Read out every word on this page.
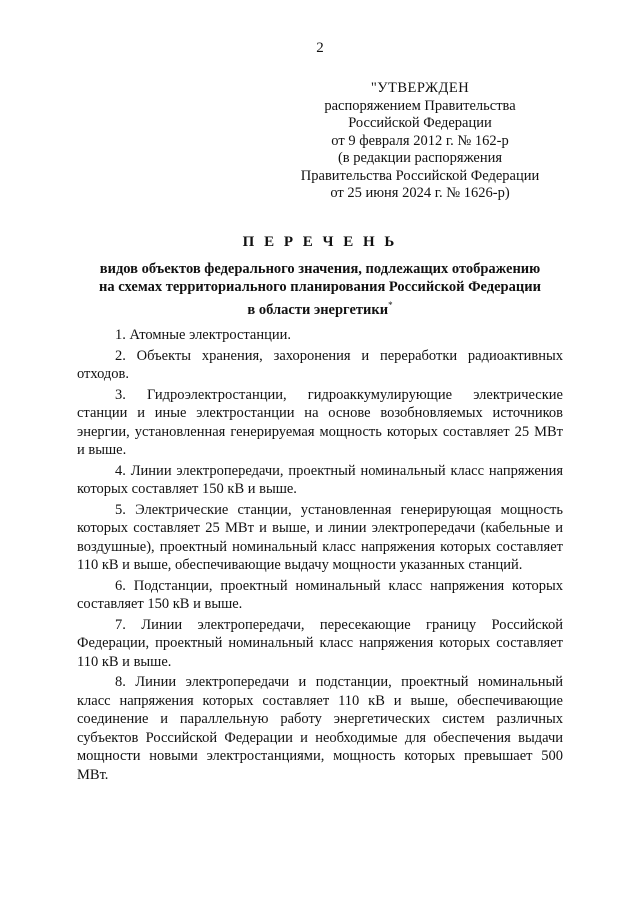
2
"УТВЕРЖДЕН
распоряжением Правительства
Российской Федерации
от 9 февраля 2012 г. № 162-р
(в редакции распоряжения
Правительства Российской Федерации
от 25 июня 2024 г. № 1626-р)
П Е Р Е Ч Е Н Ь
видов объектов федерального значения, подлежащих отображению
на схемах территориального планирования Российской Федерации
в области энергетики*

1. Атомные электростанции.

2. Объекты хранения, захоронения и переработки радиоактивных отходов.

3. Гидроэлектростанции, гидроаккумулирующие электрические станции и иные электростанции на основе возобновляемых источников энергии, установленная генерируемая мощность которых составляет 25 МВт и выше.

4. Линии электропередачи, проектный номинальный класс напряжения которых составляет 150 кВ и выше.

5. Электрические станции, установленная генерирующая мощность которых составляет 25 МВт и выше, и линии электропередачи (кабельные и воздушные), проектный номинальный класс напряжения которых составляет 110 кВ и выше, обеспечивающие выдачу мощности указанных станций.

6. Подстанции, проектный номинальный класс напряжения которых составляет 150 кВ и выше.

7. Линии электропередачи, пересекающие границу Российской Федерации, проектный номинальный класс напряжения которых составляет 110 кВ и выше.

8. Линии электропередачи и подстанции, проектный номинальный класс напряжения которых составляет 110 кВ и выше, обеспечивающие соединение и параллельную работу энергетических систем различных субъектов Российской Федерации и необходимые для обеспечения выдачи мощности новыми электростанциями, мощность которых превышает 500 МВт.
